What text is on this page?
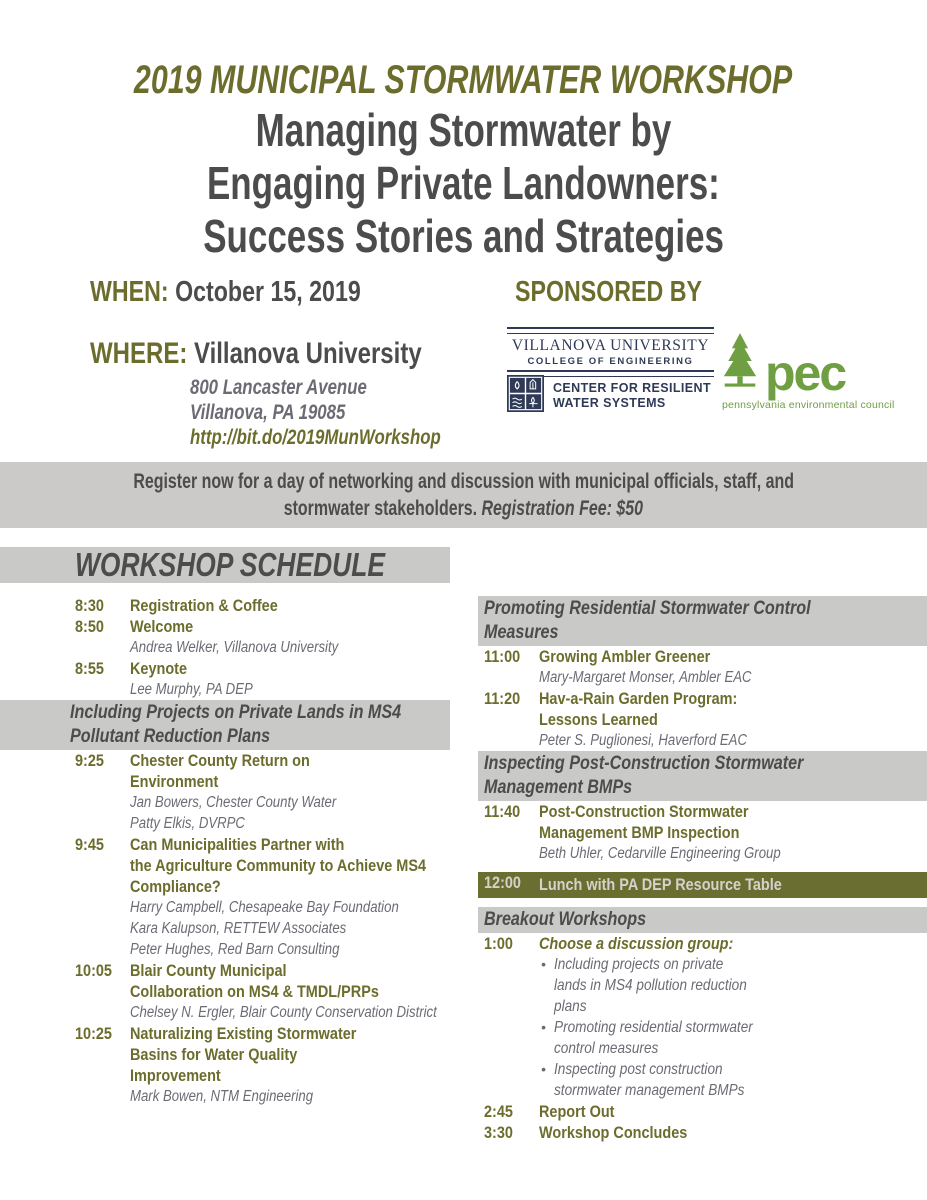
2019 MUNICIPAL STORMWATER WORKSHOP
Managing Stormwater by
Engaging Private Landowners:
Success Stories and Strategies
WHEN: October 15, 2019	SPONSORED BY
WHERE: Villanova University
800 Lancaster Avenue
Villanova, PA 19085
http://bit.do/2019MunWorkshop
VILLANOVA UNIVERSITY
COLLEGE OF ENGINEERING
CENTER FOR RESILIENT
WATER SYSTEMS
pec
pennsylvania environmental council
Register now for a day of networking and discussion with municipal officials, staff, and
stormwater stakeholders. Registration Fee: $50
WORKSHOP SCHEDULE
8:30	Registration & Coffee
8:50	Welcome
Andrea Welker, Villanova University
8:55	Keynote
Lee Murphy, PA DEP
Including Projects on Private Lands in MS4
Pollutant Reduction Plans
9:25	Chester County Return on
Environment
Jan Bowers, Chester County Water
Patty Elkis, DVRPC
9:45	Can Municipalities Partner with
the Agriculture Community to Achieve MS4
Compliance?
Harry Campbell, Chesapeake Bay Foundation
Kara Kalupson, RETTEW Associates
Peter Hughes, Red Barn Consulting
10:05	Blair County Municipal
Collaboration on MS4 & TMDL/PRPs
Chelsey N. Ergler, Blair County Conservation District
10:25	Naturalizing Existing Stormwater
Basins for Water Quality
Improvement
Mark Bowen, NTM Engineering
Promoting Residential Stormwater Control
Measures
11:00	Growing Ambler Greener
Mary-Margaret Monser, Ambler EAC
11:20	Hav-a-Rain Garden Program:
Lessons Learned
Peter S. Puglionesi, Haverford EAC
Inspecting Post-Construction Stormwater
Management BMPs
11:40	Post-Construction Stormwater
Management BMP Inspection
Beth Uhler, Cedarville Engineering Group
12:00	Lunch with PA DEP Resource Table
Breakout Workshops
1:00	Choose a discussion group:
• Including projects on private
lands in MS4 pollution reduction
plans
• Promoting residential stormwater
control measures
• Inspecting post construction
stormwater management BMPs
2:45	Report Out
3:30	Workshop Concludes
